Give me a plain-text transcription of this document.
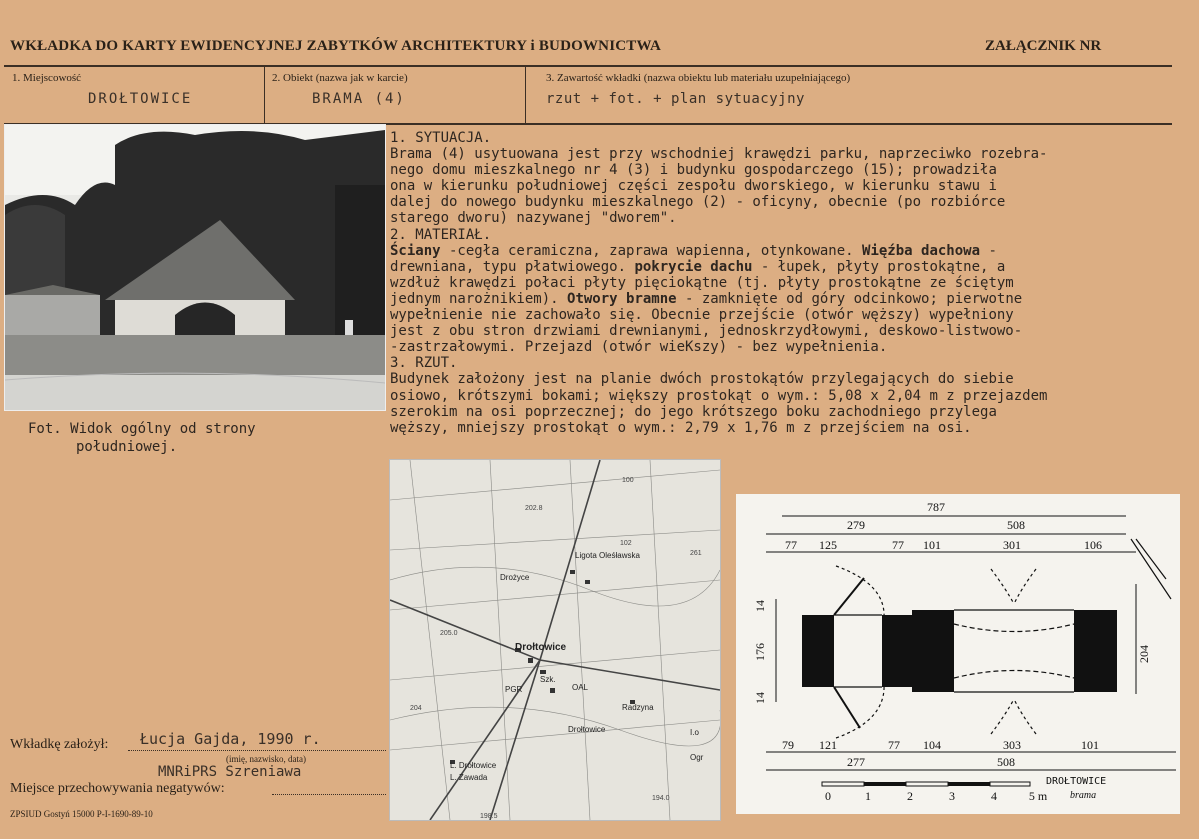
WKŁADKA DO KARTY EWIDENCYJNEJ ZABYTKÓW ARCHITEKTURY i BUDOWNICTWA	ZAŁĄCZNIK NR
1. Miejscowość
DROŁTOWICE
2. Obiekt (nazwa jak w karcie)
BRAMA (4)
3. Zawartość wkładki (nazwa obiektu lub materiału uzupełniającego)
rzut + fot. + plan sytuacyjny
Fot. Widok ogólny od strony
południowej.
1. SYTUACJA.
Brama (4) usytuowana jest przy wschodniej krawędzi parku, naprzeciwko rozebra-
nego domu mieszkalnego nr 4 (3) i budynku gospodarczego (15); prowadziła
ona w kierunku południowej części zespołu dworskiego, w kierunku stawu i
dalej do nowego budynku mieszkalnego (2) - oficyny, obecnie (po rozbiórce
starego dworu) nazywanej "dworem".
2. MATERIAŁ.
Ściany -cegła ceramiczna, zaprawa wapienna, otynkowane. Więźba dachowa -
drewniana, typu płatwiowego. pokrycie dachu - łupek, płyty prostokątne, a
wzdłuż krawędzi połaci płyty pięciokątne (tj. płyty prostokątne ze ściętym
jednym narożnikiem). Otwory bramne - zamknięte od góry odcinkowo; pierwotne
wypełnienie nie zachowało się. Obecnie przejście (otwór węższy) wypełniony
jest z obu stron drzwiami drewnianymi, jednoskrzydłowymi, deskowo-listwowo-
-zastrzałowymi. Przejazd (otwór wieKszy) - bez wypełnienia.
3. RZUT.
Budynek założony jest na planie dwóch prostokątów przylegających do siebie
osiowo, krótszymi bokami; większy prostokąt o wym.: 5,08 x 2,04 m z przejazdem
szerokim na osi poprzecznej; do jego krótszego boku zachodniego przylega
węższy, mniejszy prostokąt o wym.: 2,79 x 1,76 m z przejściem na osi.
Drożyce
Ligota Oleśławska
Drołtowice
Radzyna
Drołtowice
L. Drołtowice
L. Zawada
PGR
Szk.
OAL
I.o
Ogr
205.0
202.8
102
261
204
194.0
198.5
100
787
279	508
77 125	77 101	301	106
14
176
14
204
79 121	77 104	303	101
277	508
0	1	2	3	4	5 m
DROŁTOWICE
brama
Wkładkę założył: Łucja Gajda, 1990 r.
(imię, nazwisko, data)
MNRiPRS Szreniawa
Miejsce przechowywania negatywów:
ZPSIUD Gostyń 15000 P-I-1690-89-10
